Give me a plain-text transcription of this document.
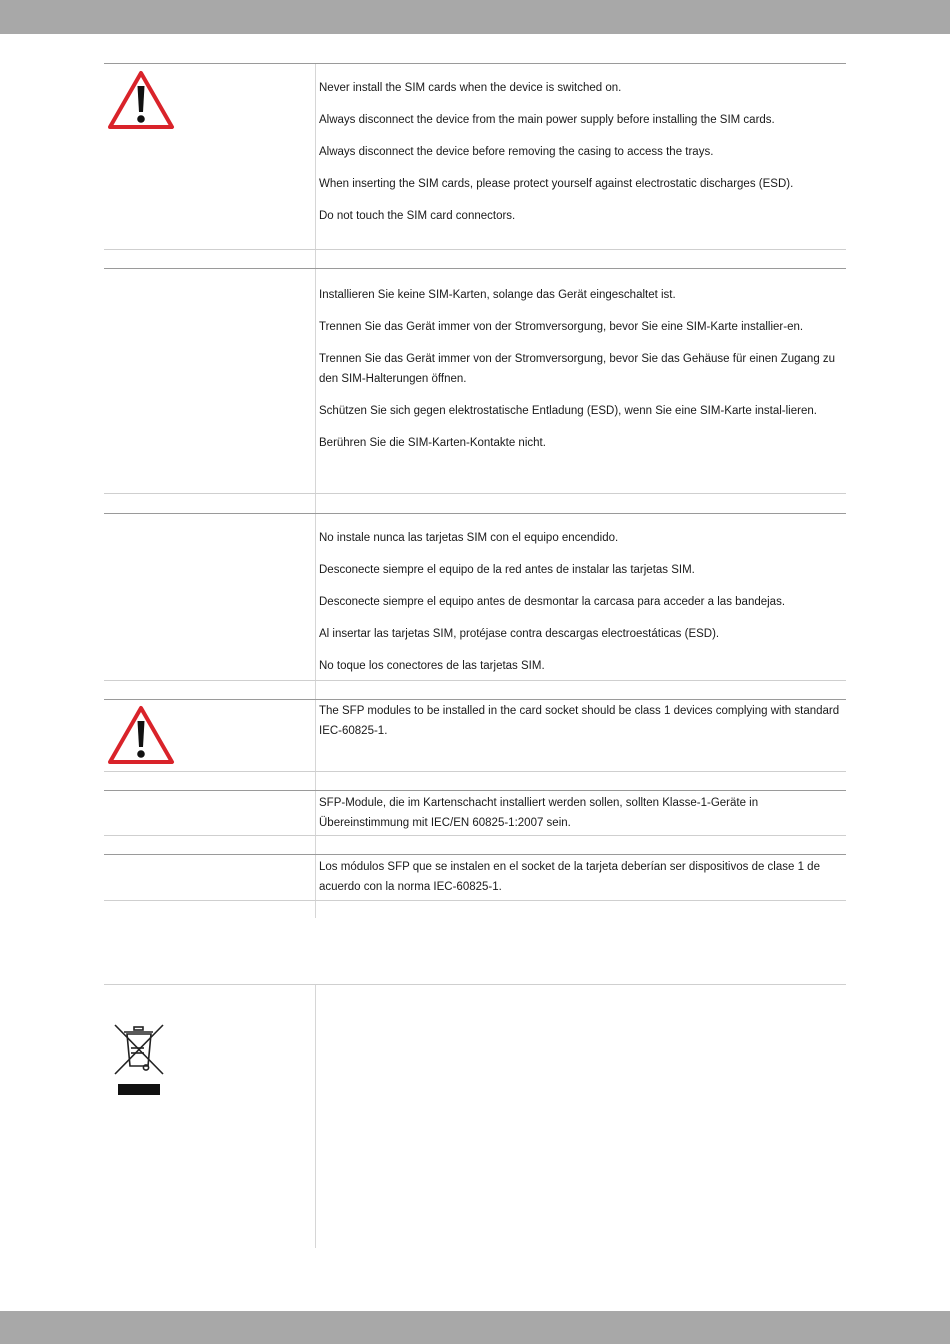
Never install the SIM cards when the device is switched on.

Always disconnect the device from the main power supply before installing the SIM cards.

Always disconnect the device before removing the casing to access the trays.

When inserting the SIM cards, please protect yourself against electrostatic discharges (ESD).

Do not touch the SIM card connectors.

Installieren Sie keine SIM-Karten, solange das Gerät eingeschaltet ist.

Trennen Sie das Gerät immer von der Stromversorgung, bevor Sie eine SIM-Karte installier-en.

Trennen Sie das Gerät immer von der Stromversorgung, bevor Sie das Gehäuse für einen Zugang zu den SIM-Halterungen öffnen.

Schützen Sie sich gegen elektrostatische Entladung (ESD), wenn Sie eine SIM-Karte instal-lieren.

Berühren Sie die SIM-Karten-Kontakte nicht.

No instale nunca las tarjetas SIM con el equipo encendido.

Desconecte siempre el equipo de la red antes de instalar las tarjetas SIM.

Desconecte siempre el equipo antes de desmontar la carcasa para acceder a las bandejas.

Al insertar las tarjetas SIM, protéjase contra descargas electroestáticas (ESD).

No toque los conectores de las tarjetas SIM.

The SFP modules to be installed in the card socket should be class 1 devices complying with standard IEC-60825-1.

SFP-Module, die im Kartenschacht installiert werden sollen, sollten Klasse-1-Geräte in Übereinstimmung mit IEC/EN 60825-1:2007 sein.

Los módulos SFP que se instalen en el socket de la tarjeta deberían ser dispositivos de clase 1 de acuerdo con la norma IEC-60825-1.
